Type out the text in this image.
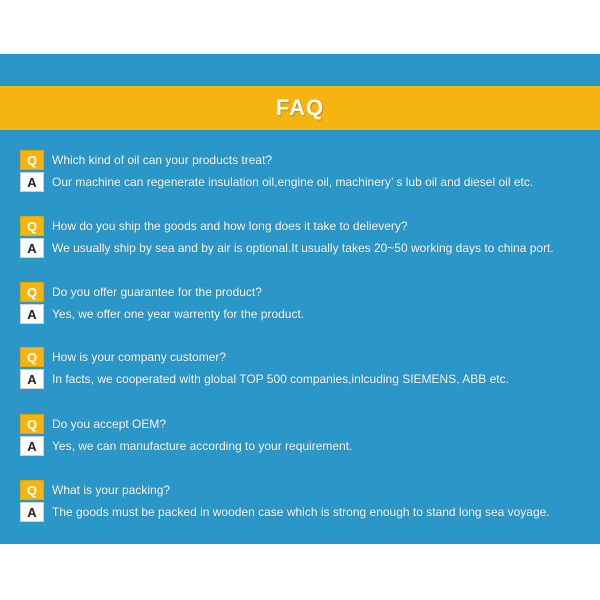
FAQ
Q	Which kind of oil can your products treat?
A	Our machine can regenerate insulation oil,engine oil, machinery’ s lub oil and diesel oil etc.
Q	How do you ship the goods and how long does it take to delievery?
A	We usually ship by sea and by air is optional.It usually takes 20~50 working days to china port.
Q	Do you offer guarantee for the product?
A	Yes, we offer one year warrenty for the product.
Q	How is your company customer?
A	In facts, we cooperated with global TOP 500 companies,inlcuding SIEMENS, ABB etc.
Q	Do you accept OEM?
A	Yes, we can manufacture according to your requirement.
Q	What is your packing?
A	The goods must be packed in wooden case which is strong enough to stand long sea voyage.
